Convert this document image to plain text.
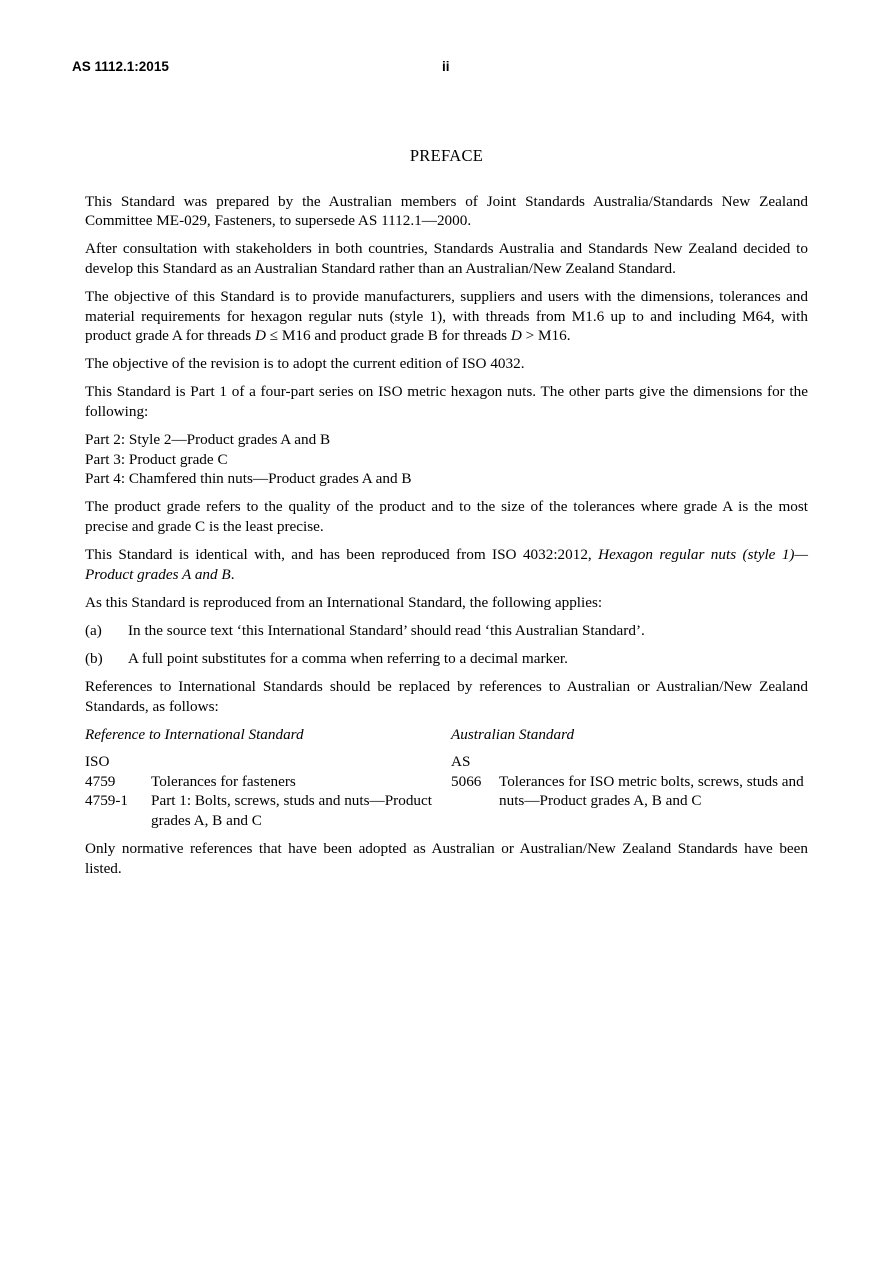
AS 1112.1:2015	ii
PREFACE

This Standard was prepared by the Australian members of Joint Standards Australia/Standards New Zealand Committee ME-029, Fasteners, to supersede AS 1112.1—2000.

After consultation with stakeholders in both countries, Standards Australia and Standards New Zealand decided to develop this Standard as an Australian Standard rather than an Australian/New Zealand Standard.

The objective of this Standard is to provide manufacturers, suppliers and users with the dimensions, tolerances and material requirements for hexagon regular nuts (style 1), with threads from M1.6 up to and including M64, with product grade A for threads D ≤ M16 and product grade B for threads D > M16.

The objective of the revision is to adopt the current edition of ISO 4032.

This Standard is Part 1 of a four-part series on ISO metric hexagon nuts. The other parts give the dimensions for the following:

Part 2: Style 2—Product grades A and B
Part 3: Product grade C
Part 4: Chamfered thin nuts—Product grades A and B

The product grade refers to the quality of the product and to the size of the tolerances where grade A is the most precise and grade C is the least precise.

This Standard is identical with, and has been reproduced from ISO 4032:2012, Hexagon regular nuts (style 1)—Product grades A and B.

As this Standard is reproduced from an International Standard, the following applies:

(a)	In the source text ‘this International Standard’ should read ‘this Australian Standard’.
(b)	A full point substitutes for a comma when referring to a decimal marker.

References to International Standards should be replaced by references to Australian or Australian/New Zealand Standards, as follows:

Reference to International Standard		Australian Standard	
ISO		AS	
4759	Tolerances for fasteners	5066	Tolerances for ISO metric bolts, screws, studs and nuts—Product grades A, B and C
4759-1	Part 1: Bolts, screws, studs and nuts—Product grades A, B and C		

Only normative references that have been adopted as Australian or Australian/New Zealand Standards have been listed.
